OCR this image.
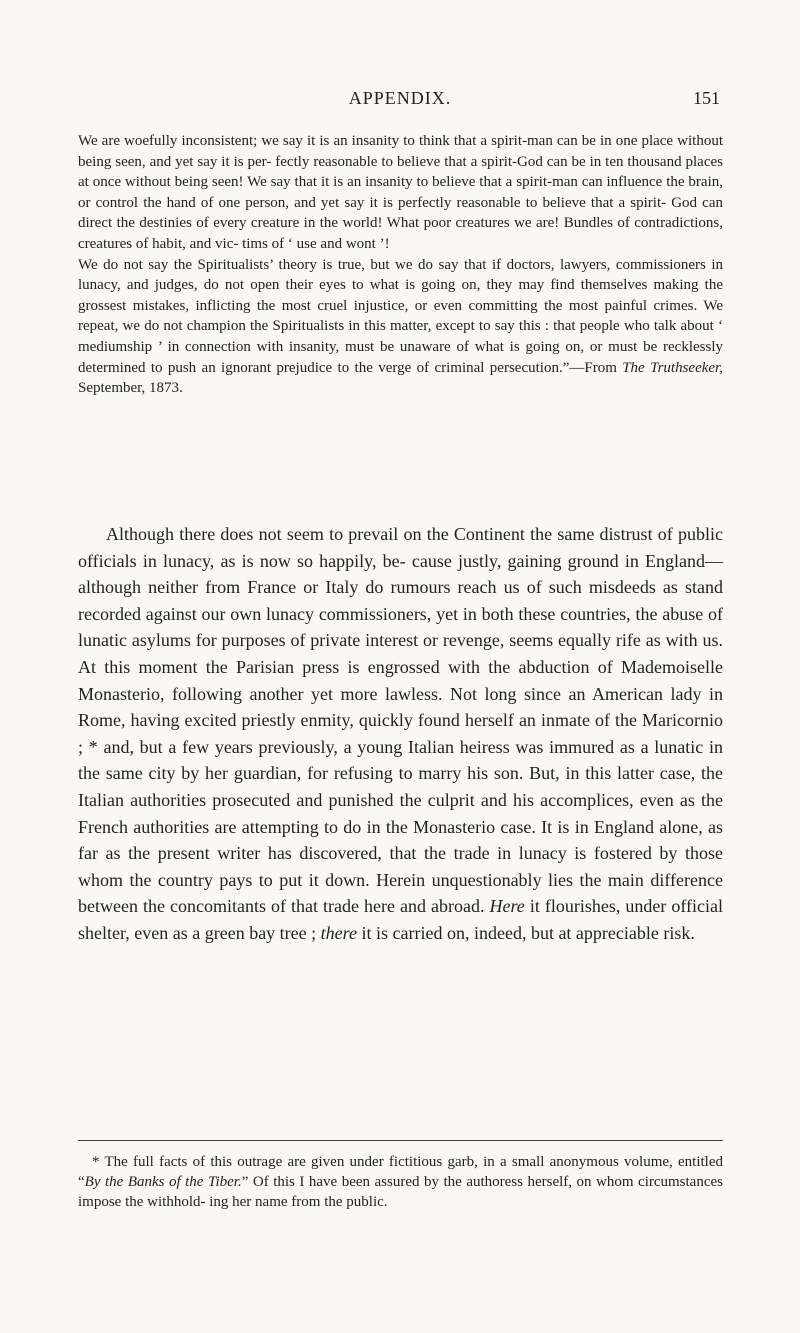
APPENDIX.	151

We are woefully inconsistent; we say it is an insanity to think that a spirit-man can be in one place without being seen, and yet say it is per- fectly reasonable to believe that a spirit-God can be in ten thousand places at once without being seen! We say that it is an insanity to believe that a spirit-man can influence the brain, or control the hand of one person, and yet say it is perfectly reasonable to believe that a spirit- God can direct the destinies of every creature in the world! What poor creatures we are! Bundles of contradictions, creatures of habit, and vic- tims of ‘ use and wont ’!

We do not say the Spiritualists’ theory is true, but we do say that if doctors, lawyers, commissioners in lunacy, and judges, do not open their eyes to what is going on, they may find themselves making the grossest mistakes, inflicting the most cruel injustice, or even committing the most painful crimes. We repeat, we do not champion the Spiritualists in this matter, except to say this : that people who talk about ‘ mediumship ’ in connection with insanity, must be unaware of what is going on, or must be recklessly determined to push an ignorant prejudice to the verge of criminal persecution.”—From The Truthseeker, September, 1873.

Although there does not seem to prevail on the Continent the same distrust of public officials in lunacy, as is now so happily, be- cause justly, gaining ground in England—although neither from France or Italy do rumours reach us of such misdeeds as stand recorded against our own lunacy commissioners, yet in both these countries, the abuse of lunatic asylums for purposes of private interest or revenge, seems equally rife as with us. At this moment the Parisian press is engrossed with the abduction of Mademoiselle Monasterio, following another yet more lawless. Not long since an American lady in Rome, having excited priestly enmity, quickly found herself an inmate of the Maricornio ; * and, but a few years previously, a young Italian heiress was immured as a lunatic in the same city by her guardian, for refusing to marry his son. But, in this latter case, the Italian authorities prosecuted and punished the culprit and his accomplices, even as the French authorities are attempting to do in the Monasterio case. It is in England alone, as far as the present writer has discovered, that the trade in lunacy is fostered by those whom the country pays to put it down. Herein unquestionably lies the main difference between the concomitants of that trade here and abroad. Here it flourishes, under official shelter, even as a green bay tree ; there it is carried on, indeed, but at appreciable risk.

* The full facts of this outrage are given under fictitious garb, in a small anonymous volume, entitled “By the Banks of the Tiber.” Of this I have been assured by the authoress herself, on whom circumstances impose the withhold- ing her name from the public.
